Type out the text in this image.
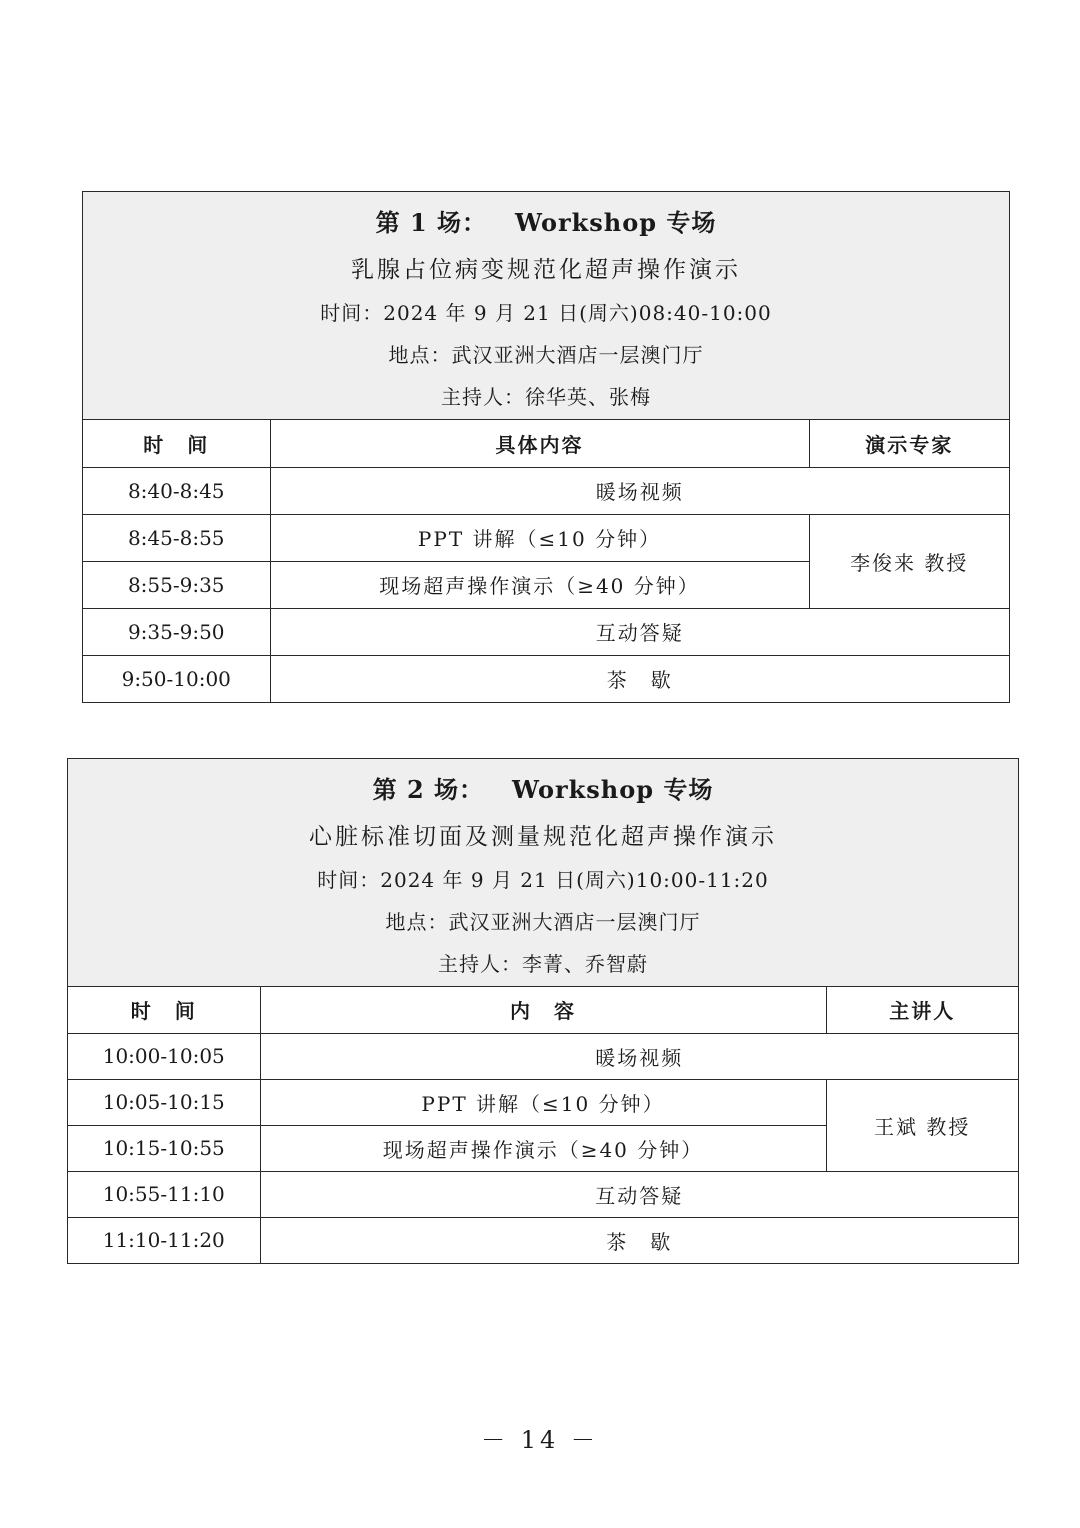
第 1 场： Workshop 专场
乳腺占位病变规范化超声操作演示
时间：2024 年 9 月 21 日(周六)08:40-10:00
地点：武汉亚洲大酒店一层澳门厅
主持人：徐华英、张梅
时　间	具体内容	演示专家
8:40-8:45	暖场视频	
8:45-8:55	PPT 讲解（≤10 分钟）	李俊来 教授
8:55-9:35	现场超声操作演示（≥40 分钟）	
9:35-9:50	互动答疑	
9:50-10:00	茶　歇	
第 2 场： Workshop 专场
心脏标准切面及测量规范化超声操作演示
时间：2024 年 9 月 21 日(周六)10:00-11:20
地点：武汉亚洲大酒店一层澳门厅
主持人：李菁、乔智蔚
时　间	内　容	主讲人
10:00-10:05	暖场视频	
10:05-10:15	PPT 讲解（≤10 分钟）	王斌 教授
10:15-10:55	现场超声操作演示（≥40 分钟）	
10:55-11:10	互动答疑	
11:10-11:20	茶　歇	
－ 14 －
